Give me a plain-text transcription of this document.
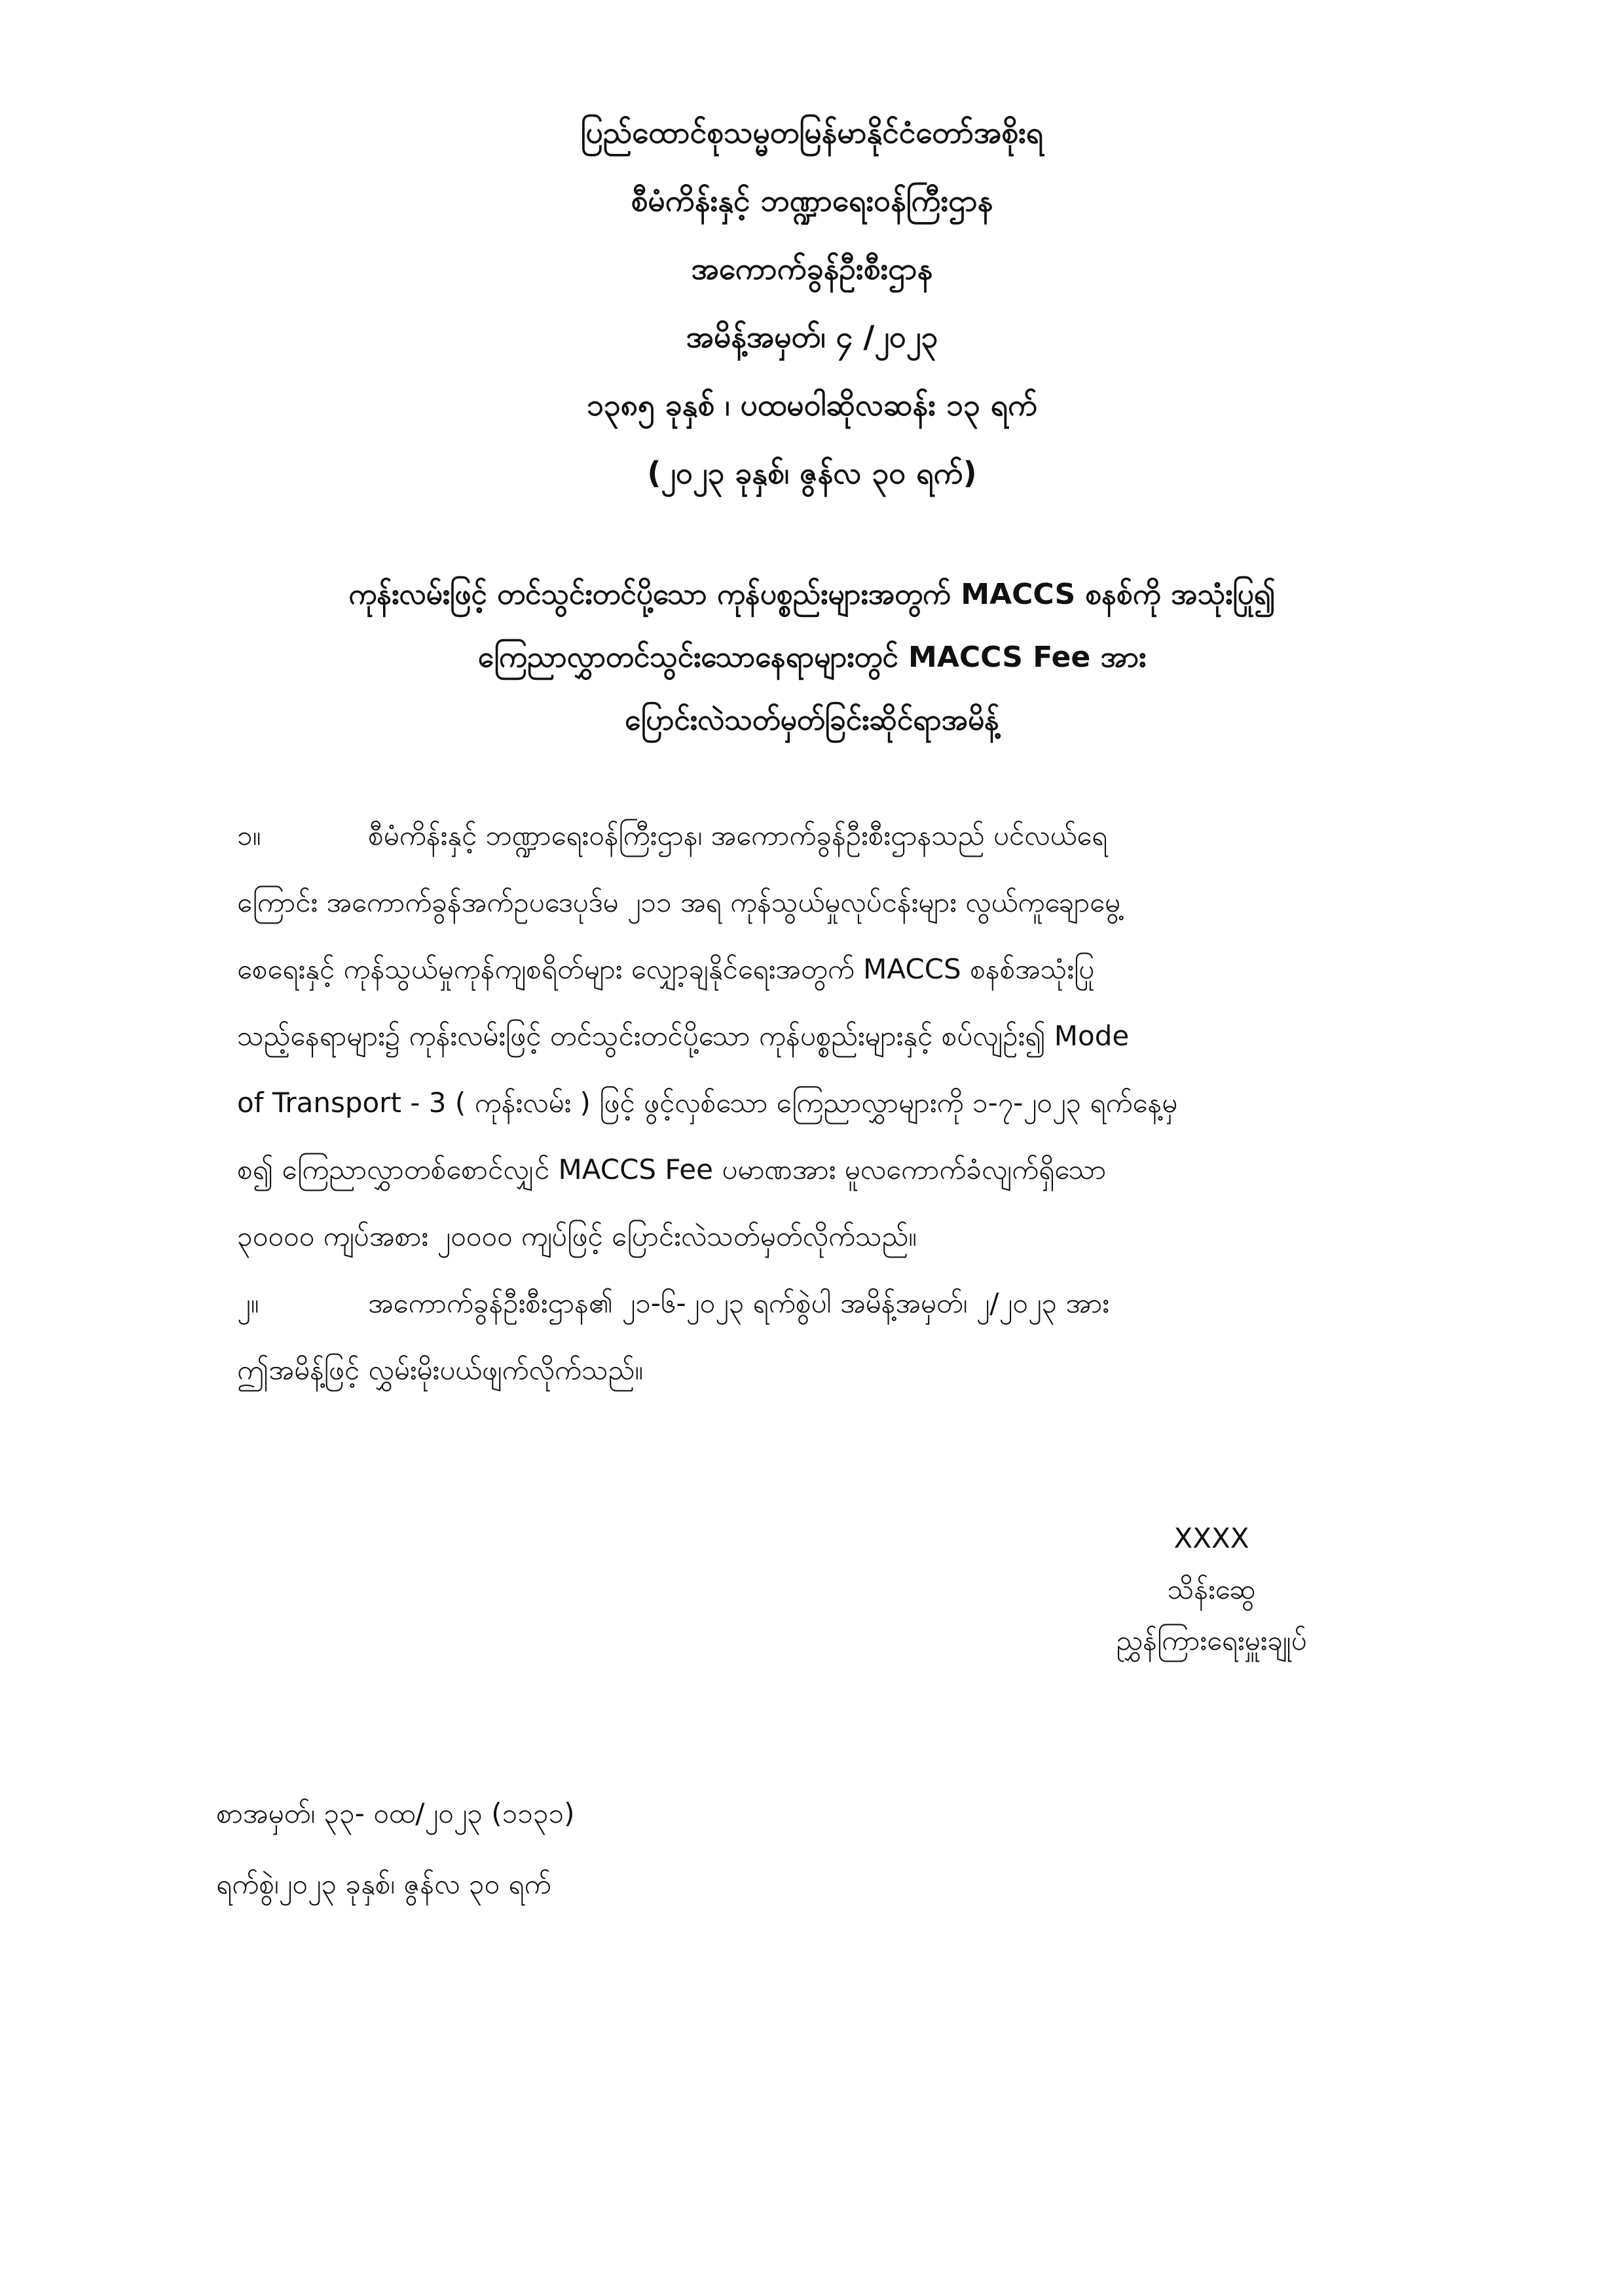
ပြည်ထောင်စုသမ္မတမြန်မာနိုင်ငံတော်အစိုးရ
စီမံကိန်းနှင့် ဘဏ္ဍာရေးဝန်ကြီးဌာန
အကောက်ခွန်ဦးစီးဌာန
အမိန့်အမှတ်၊ ၄ /၂၀၂၃
၁၃၈၅ ခုနှစ် ၊ ပထမဝါဆိုလဆန်း ၁၃ ရက်
(၂၀၂၃ ခုနှစ်၊ ဇွန်လ ၃၀ ရက်)
ကုန်းလမ်းဖြင့် တင်သွင်းတင်ပို့သော ကုန်ပစ္စည်းများအတွက် MACCS စနစ်ကို အသုံးပြု၍
ကြေညာလွှာတင်သွင်းသောနေရာများတွင် MACCS Fee အား
ပြောင်းလဲသတ်မှတ်ခြင်းဆိုင်ရာအမိန့်
၁။	စီမံကိန်းနှင့် ဘဏ္ဍာရေးဝန်ကြီးဌာန၊ အကောက်ခွန်ဦးစီးဌာနသည် ပင်လယ်ရေ
ကြောင်း အကောက်ခွန်အက်ဥပဒေပုဒ်မ ၂၁၁ အရ ကုန်သွယ်မှုလုပ်ငန်းများ လွယ်ကူချောမွေ့
စေရေးနှင့် ကုန်သွယ်မှုကုန်ကျစရိတ်များ လျှော့ချနိုင်ရေးအတွက် MACCS စနစ်အသုံးပြု
သည့်နေရာများ၌ ကုန်းလမ်းဖြင့် တင်သွင်းတင်ပို့သော ကုန်ပစ္စည်းများနှင့် စပ်လျဉ်း၍ Mode
of Transport - 3 ( ကုန်းလမ်း ) ဖြင့် ဖွင့်လှစ်သော ကြေညာလွှာများကို ၁-၇-၂၀၂၃ ရက်နေ့မှ
စ၍ ကြေညာလွှာတစ်စောင်လျှင် MACCS Fee ပမာဏအား မူလကောက်ခံလျက်ရှိသော
၃၀၀၀၀ ကျပ်အစား ၂၀၀၀၀ ကျပ်ဖြင့် ပြောင်းလဲသတ်မှတ်လိုက်သည်။
၂။	အကောက်ခွန်ဦးစီးဌာန၏ ၂၁-၆-၂၀၂၃ ရက်စွဲပါ အမိန့်အမှတ်၊ ၂/၂၀၂၃ အား
ဤအမိန့်ဖြင့် လွှမ်းမိုးပယ်ဖျက်လိုက်သည်။
XXXX
သိန်းဆွေ
ညွှန်ကြားရေးမှူးချုပ်
စာအမှတ်၊ ၃၃- ဝထ/၂၀၂၃ (၁၁၃၁)
ရက်စွဲ၊၂၀၂၃ ခုနှစ်၊ ဇွန်လ ၃၀ ရက်
